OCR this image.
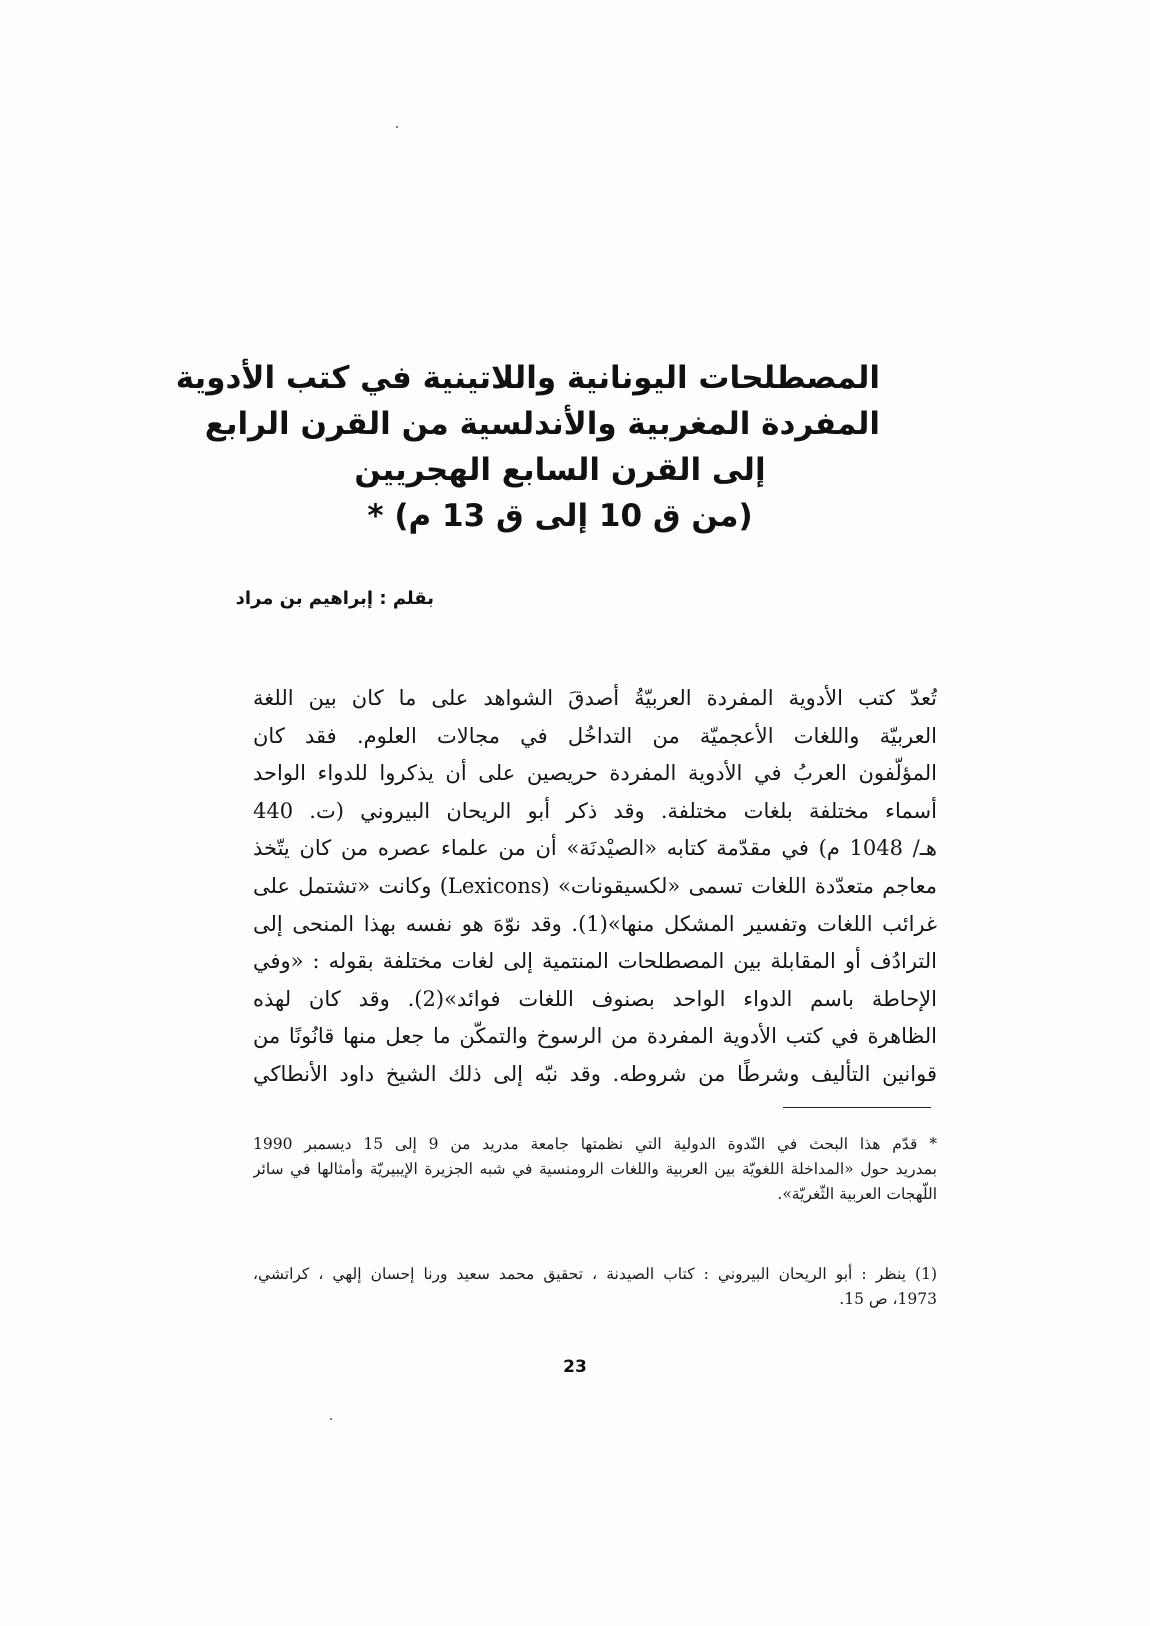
المصطلحات اليونانية واللاتينية في كتب الأدوية
المفردة المغربية والأندلسية من القرن الرابع
إلى القرن السابع الهجريين
(من ق 10 إلى ق 13 م) *
بقلم : إبراهيم بن مراد
تُعدّ كتب الأدوية المفردة العربيّةُ أصدقَ الشواهد على ما كان بين اللغة
العربيّة واللغات الأعجميّة من التداخُل في مجالات العلوم. فقد كان
المؤلّفون العربُ في الأدوية المفردة حريصين على أن يذكروا للدواء الواحد
أسماء مختلفة بلغات مختلفة. وقد ذكر أبو الريحان البيروني (ت. 440
هـ/ 1048 م) في مقدّمة كتابه «الصيْدنَة» أن من علماء عصره من كان يتّخذ
معاجم متعدّدة اللغات تسمى «لكسيقونات» (Lexicons) وكانت «تشتمل على
غرائب اللغات وتفسير المشكل منها»(1). وقد نوّهَ هو نفسه بهذا المنحى إلى
الترادُف أو المقابلة بين المصطلحات المنتمية إلى لغات مختلفة بقوله : «وفي
الإحاطة باسم الدواء الواحد بصنوف اللغات فوائد»(2). وقد كان لهذه
الظاهرة في كتب الأدوية المفردة من الرسوخ والتمكّن ما جعل منها قانُونًا من
قوانين التأليف وشرطًا من شروطه. وقد نبّه إلى ذلك الشيخ داود الأنطاكي
* قدّم هذا البحث في النّدوة الدولية التي نظمتها جامعة مدريد من 9 إلى 15 ديسمبر 1990
بمدريد حول «المداخلة اللغويّة بين العربية واللغات الرومنسية في شبه الجزيرة الإيبيريّة وأمثالها في سائر
اللّهجات العربية الثّغريّة».
(1) ينظر : أبو الريحان البيروني : كتاب الصيدنة ، تحقيق محمد سعيد ورنا إحسان إلهي ، كراتشي،
1973، ص 15.
23
